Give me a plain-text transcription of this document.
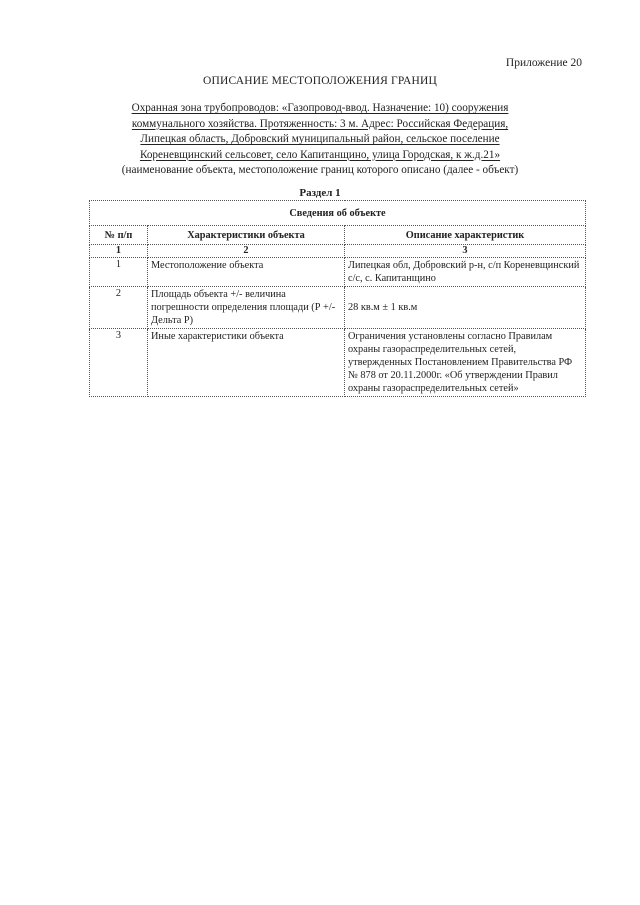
Приложение 20
ОПИСАНИЕ МЕСТОПОЛОЖЕНИЯ ГРАНИЦ
Охранная зона трубопроводов: «Газопровод-ввод. Назначение: 10) сооружения
коммунального хозяйства. Протяженность: 3 м. Адрес: Российская Федерация,
Липецкая область, Добровский муниципальный район, сельское поселение
Кореневщинский сельсовет, село Капитанщино, улица Городская, к ж.д.21»
(наименование объекта, местоположение границ которого описано (далее - объект)
Раздел 1
Сведения об объекте		
№ п/п	Характеристики объекта	Описание характеристик
1	2	3
1	Местоположение объекта	Липецкая обл, Добровский р-н, с/п Кореневщинский с/с, с. Капитанщино
2	Площадь объекта +/- величина погрешности определения площади (Р +/- Дельта Р)	28 кв.м ± 1 кв.м
3	Иные характеристики объекта	Ограничения установлены согласно Правилам охраны газораспределительных сетей, утвержденных Постановлением Правительства РФ № 878 от 20.11.2000г. «Об утверждении Правил охраны газораспределительных сетей»
